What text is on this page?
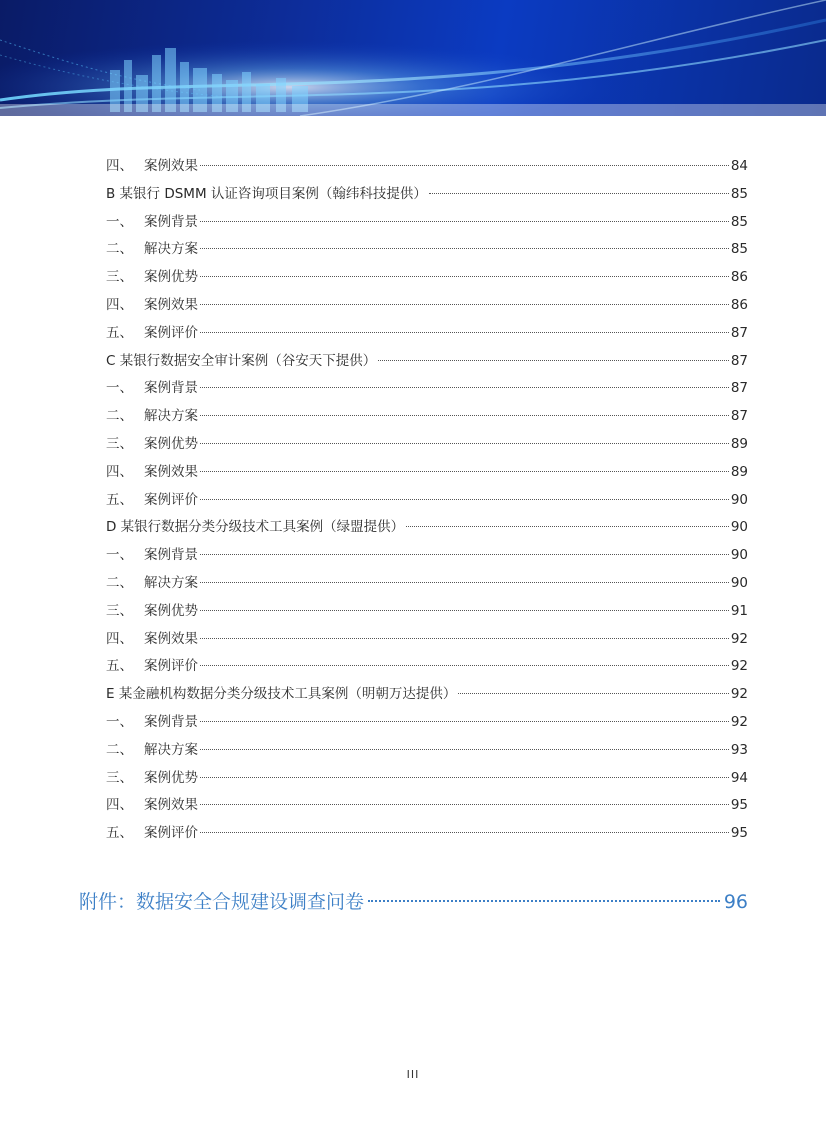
四、 案例效果	84
B 某银行 DSMM 认证咨询项目案例（翰纬科技提供）	85
一、 案例背景	85
二、 解决方案	85
三、 案例优势	86
四、 案例效果	86
五、 案例评价	87
C 某银行数据安全审计案例（谷安天下提供）	87
一、 案例背景	87
二、 解决方案	87
三、 案例优势	89
四、 案例效果	89
五、 案例评价	90
D 某银行数据分类分级技术工具案例（绿盟提供）	90
一、 案例背景	90
二、 解决方案	90
三、 案例优势	91
四、 案例效果	92
五、 案例评价	92
E 某金融机构数据分类分级技术工具案例（明朝万达提供）	92
一、 案例背景	92
二、 解决方案	93
三、 案例优势	94
四、 案例效果	95
五、 案例评价	95
附件：数据安全合规建设调查问卷	96
III
